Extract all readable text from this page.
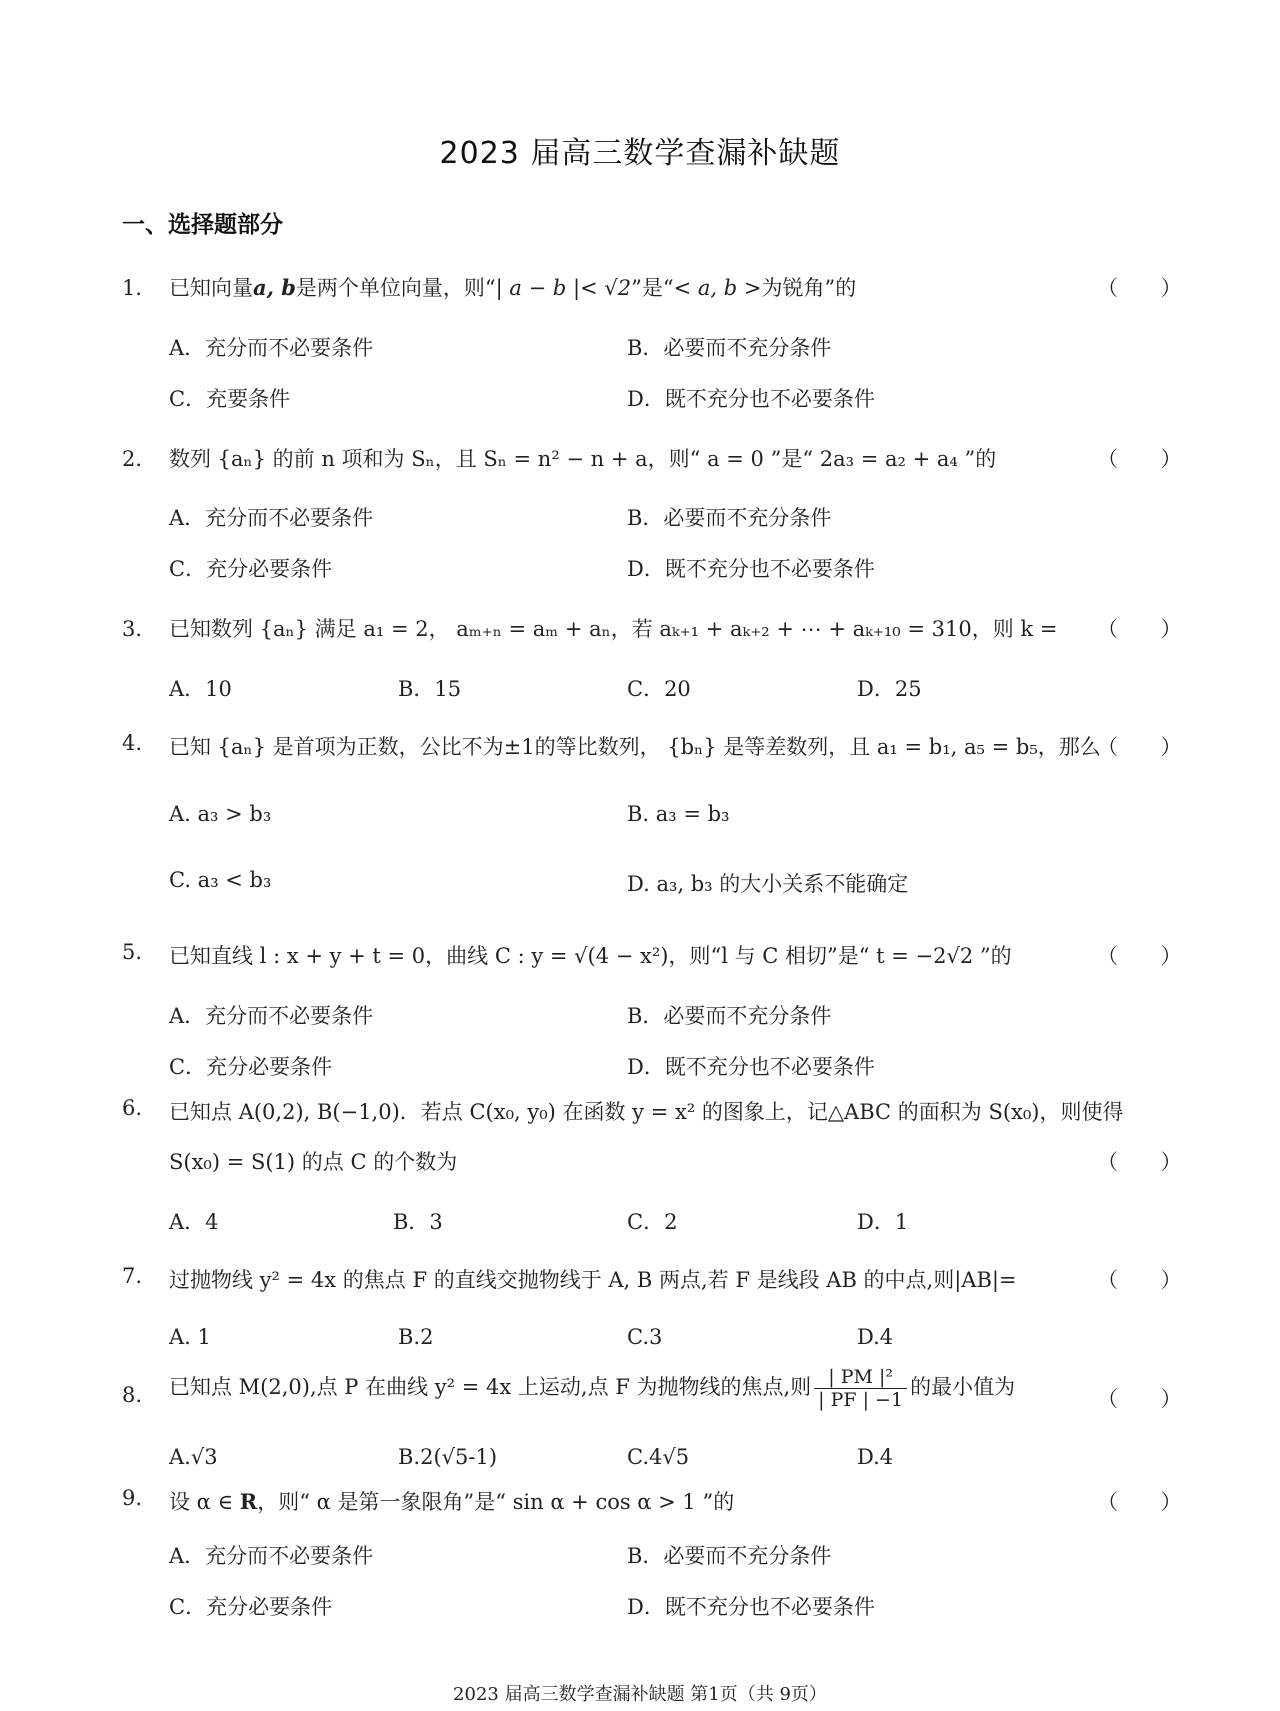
2023 届高三数学查漏补缺题
一、选择题部分
1． 已知向量a, b是两个单位向量，则“| a − b |< √2”是“< a, b >为锐角”的	（ ）
A．充分而不必要条件	B．必要而不充分条件
C．充要条件	D．既不充分也不必要条件
2． 数列 {aₙ} 的前 n 项和为 Sₙ，且 Sₙ = n² − n + a，则“ a = 0 ”是“ 2a₃ = a₂ + a₄ ”的	（ ）
A．充分而不必要条件	B．必要而不充分条件
C．充分必要条件	D．既不充分也不必要条件
3． 已知数列 {aₙ} 满足 a₁ = 2， aₘ₊ₙ = aₘ + aₙ，若 aₖ₊₁ + aₖ₊₂ + ⋯ + aₖ₊₁₀ = 310，则 k = （ ）
A．10	B．15	C．20	D．25
4. 已知 {aₙ} 是首项为正数，公比不为±1的等比数列， {bₙ} 是等差数列，且 a₁ = b₁, a₅ = b₅，那么
（ ）
A. a₃ > b₃	B. a₃ = b₃
C. a₃ < b₃	D. a₃, b₃ 的大小关系不能确定
5. 已知直线 l : x + y + t = 0，曲线 C : y = √(4 − x²)，则“l 与 C 相切”是“ t = −2√2 ”的	（ ）
A．充分而不必要条件	B．必要而不充分条件
C．充分必要条件	D．既不充分也不必要条件
6. 已知点 A(0,2), B(−1,0)．若点 C(x₀, y₀) 在函数 y = x² 的图象上，记△ABC 的面积为 S(x₀)，则使得
S(x₀) = S(1) 的点 C 的个数为	（ ）
A．4	B．3	C．2	D．1
7. 过抛物线 y² = 4x 的焦点 F 的直线交抛物线于 A, B 两点,若 F 是线段 AB 的中点,则|AB|=	（ ）
A. 1	B.2	C.3	D.4
8. 已知点 M(2,0),点 P 在曲线 y² = 4x 上运动,点 F 为抛物线的焦点,则 $\frac{\text{| PM |²}}{| PF | -1}$ 的最小值为	（ ）
A.√3	B.2(√5-1)	C.4√5	D.4
9. 设 α ∈ R，则“ α 是第一象限角”是“ sin α + cos α > 1 ”的	（ ）
A．充分而不必要条件	B．必要而不充分条件
C．充分必要条件	D．既不充分也不必要条件
2023 届高三数学查漏补缺题 第1页（共 9页）
